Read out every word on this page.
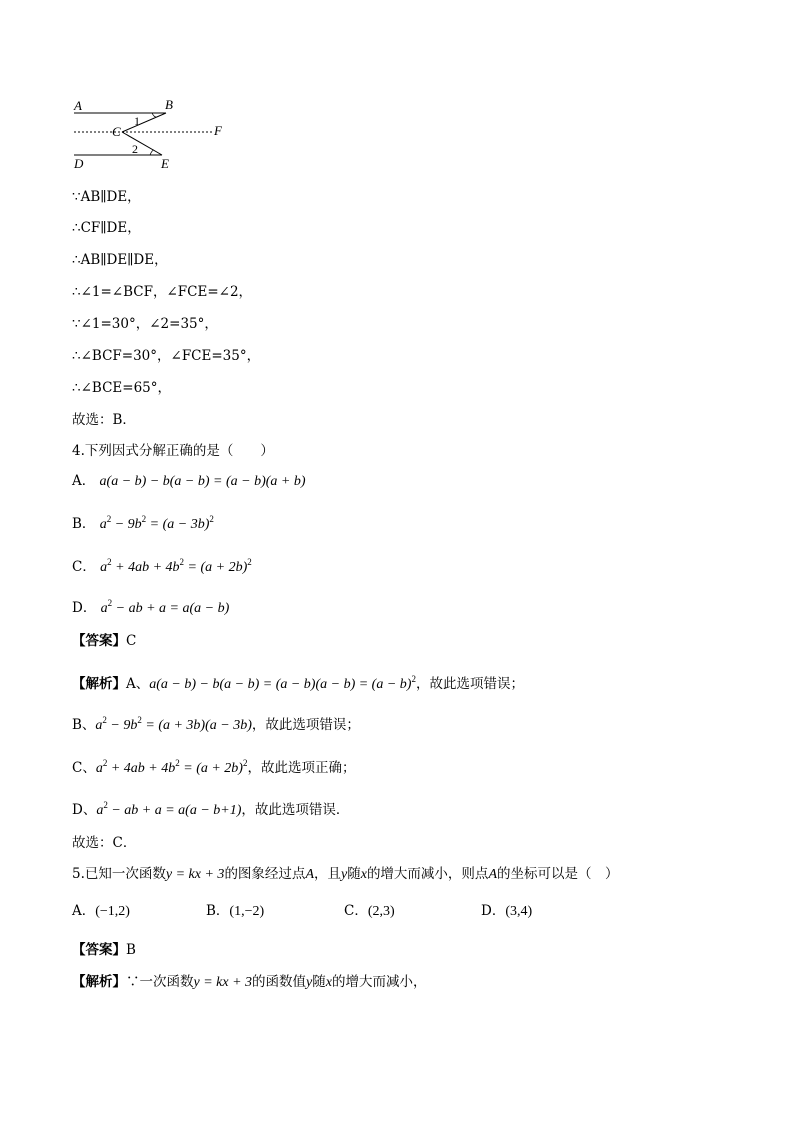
A	B
C
D	E
F
1
2
∵AB∥DE，
∴CF∥DE，
∴AB∥DE∥DE，
∴∠1=∠BCF，∠FCE=∠2，
∵∠1=30°，∠2=35°，
∴∠BCF=30°，∠FCE=35°，
∴∠BCE=65°，
故选：B．
4.下列因式分解正确的是（　　）
A． a(a − b) − b(a − b) = (a − b)(a + b)
B． $a^2 - 9b^2 = (a - 3b)^2$
C． $a^2 + 4ab + 4b^2 = (a + 2b)^2$
D． $a^2$ − ab + a = a(a − b)
【答案】C
【解析】A、$a(a - b) - b(a - b) = (a - b)(a - b) = (a - b)^2$，故此选项错误；
B、$a^2 - 9b^2 = (a + 3b)(a - 3b)$，故此选项错误；
C、$a^2 + 4ab + 4b^2 = (a + 2b)^2$，故此选项正确；
D、$a^2$ − ab + a = a(a − b+1)，故此选项错误．
故选：C．
5.已知一次函数y = kx + 3的图象经过点A，且y随x的增大而减小，则点A的坐标可以是（　）
A．(−1,2)	B．(1,−2)	C．(2,3)	D．(3,4)
【答案】B
【解析】∵一次函数y = kx + 3的函数值y随x的增大而减小，
